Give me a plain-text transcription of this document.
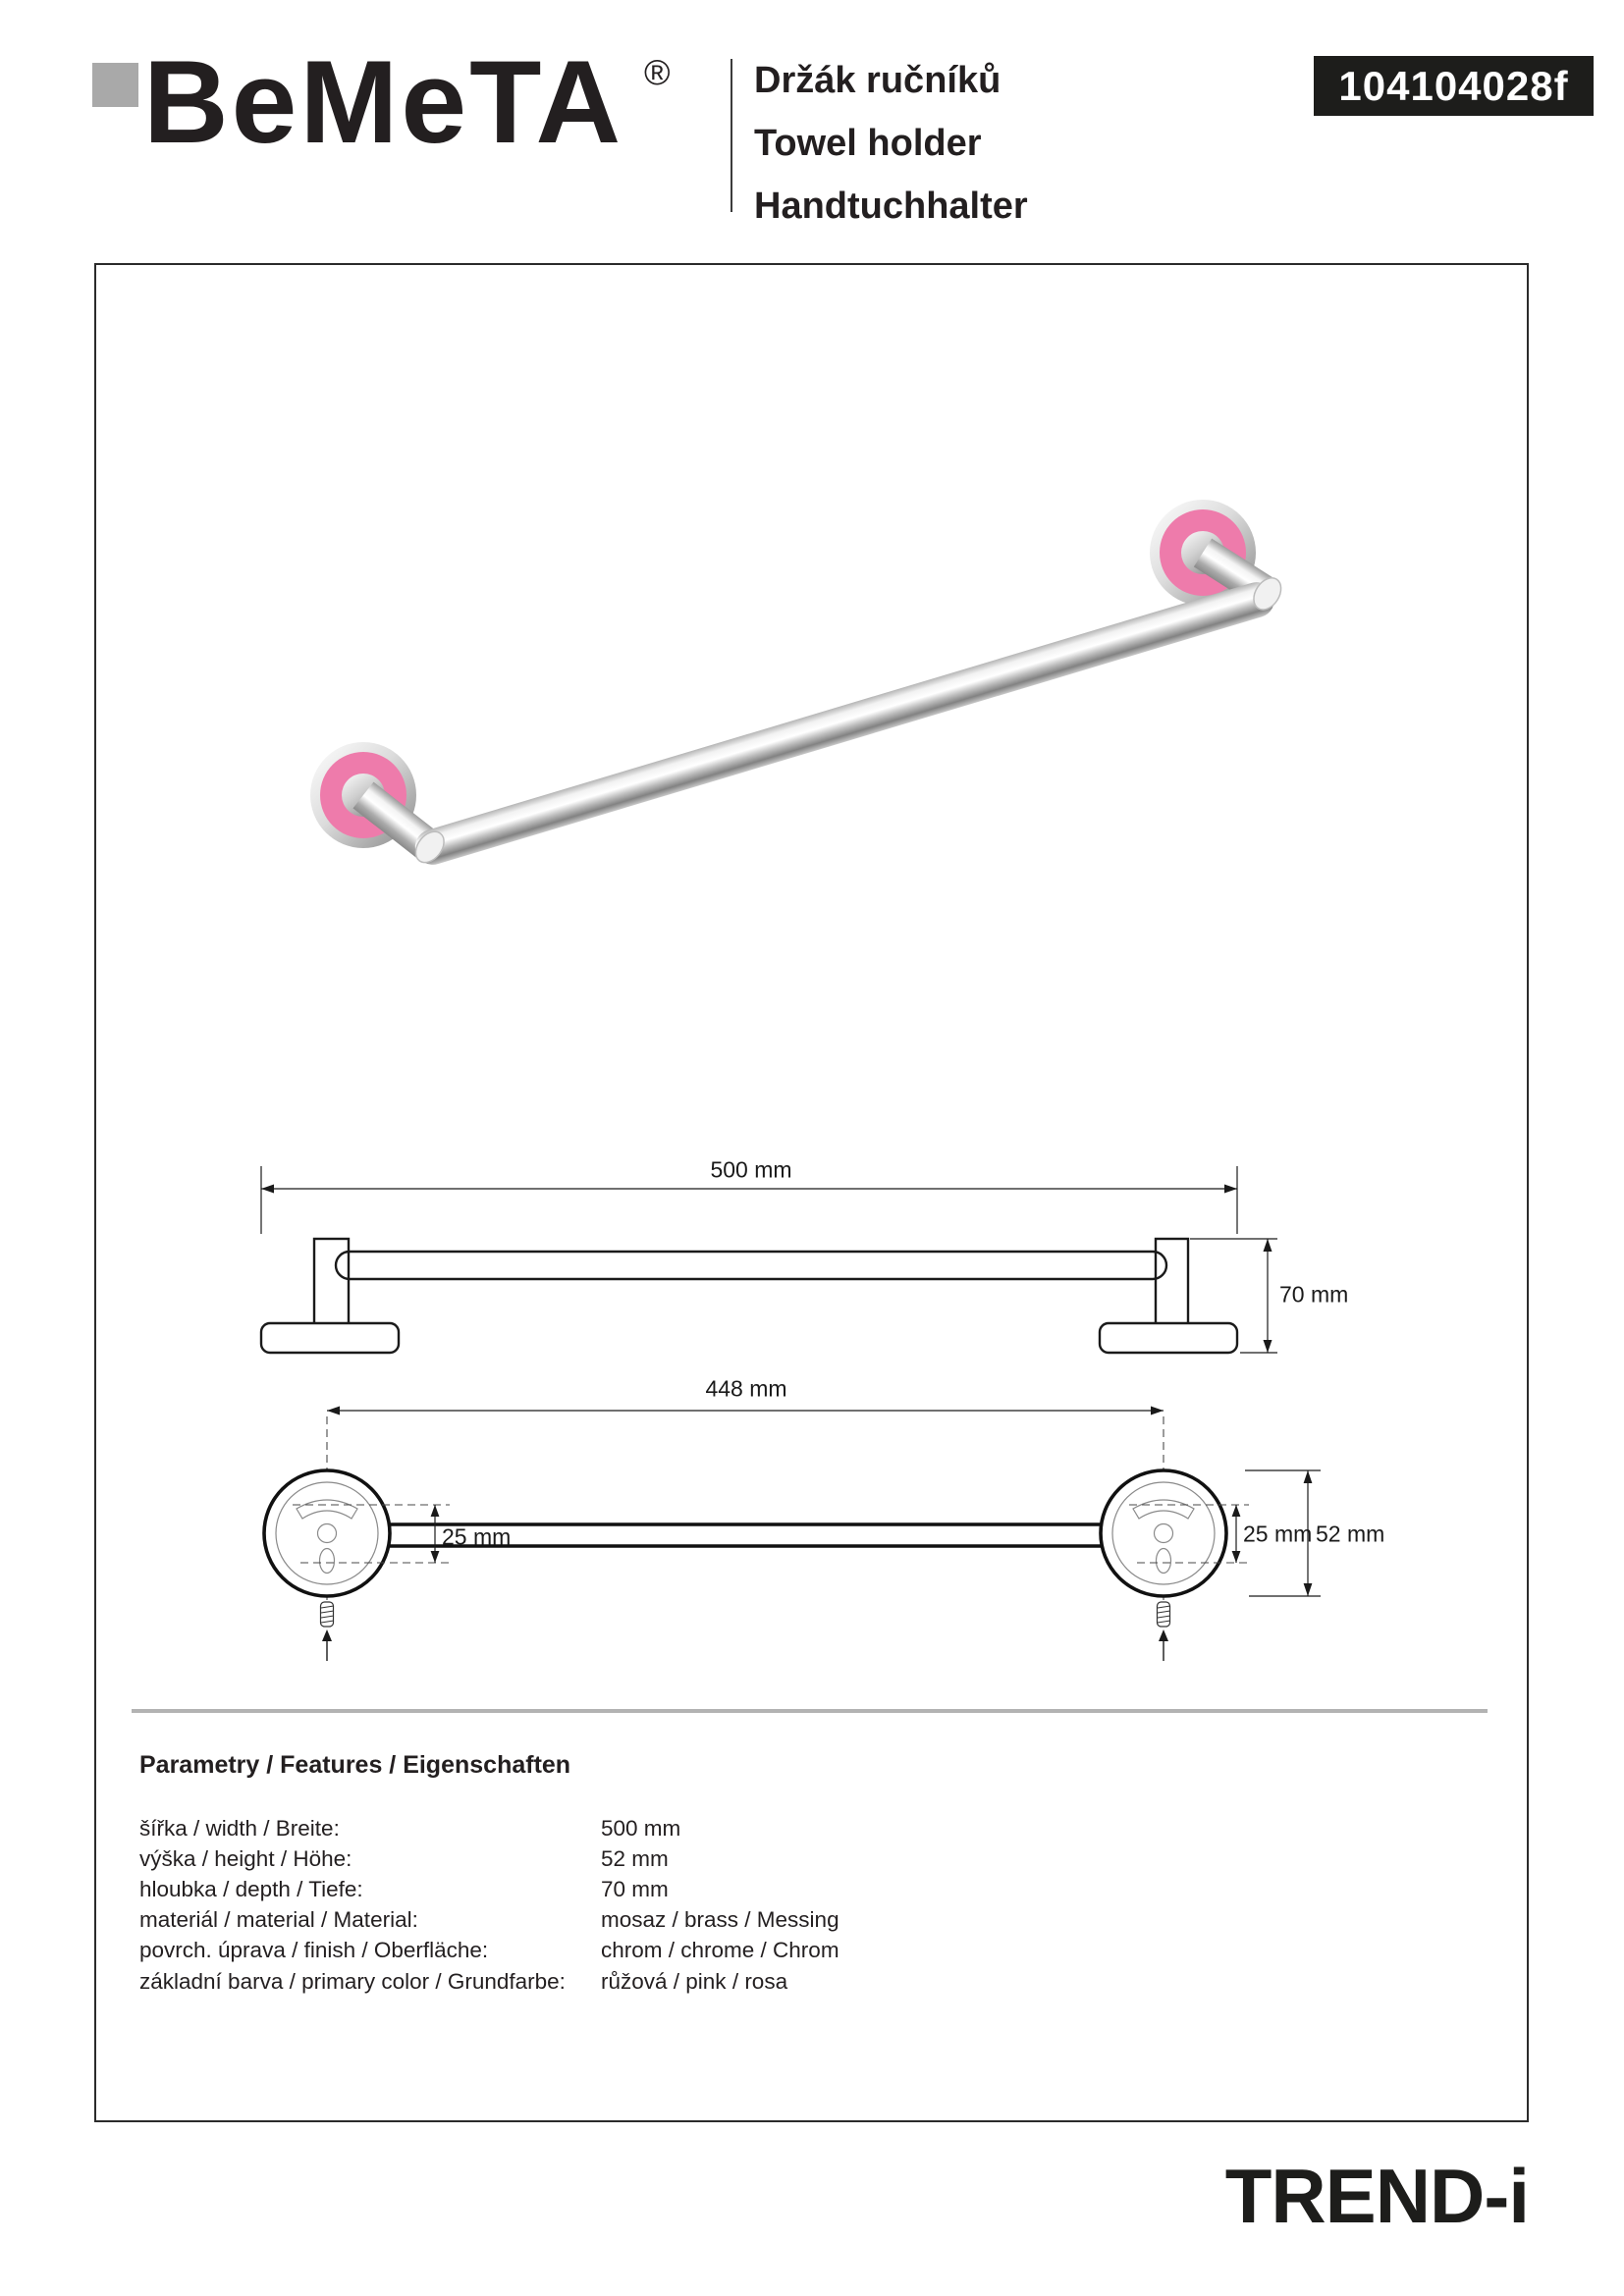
BeMeTA ® Držák ručníků
Towel holder
Handtuchhalter
104104028f
500 mm
70 mm
448 mm
25 mm	25 mm 52 mm
Parametry / Features / Eigenschaften
šířka / width / Breite:	500 mm
výška / height / Höhe:	52 mm
hloubka / depth / Tiefe:	70 mm
materiál / material / Material:	mosaz / brass / Messing
povrch. úprava / finish / Oberfläche:	chrom / chrome / Chrom
základní barva / primary color / Grundfarbe:	růžová / pink / rosa
TREND-i
